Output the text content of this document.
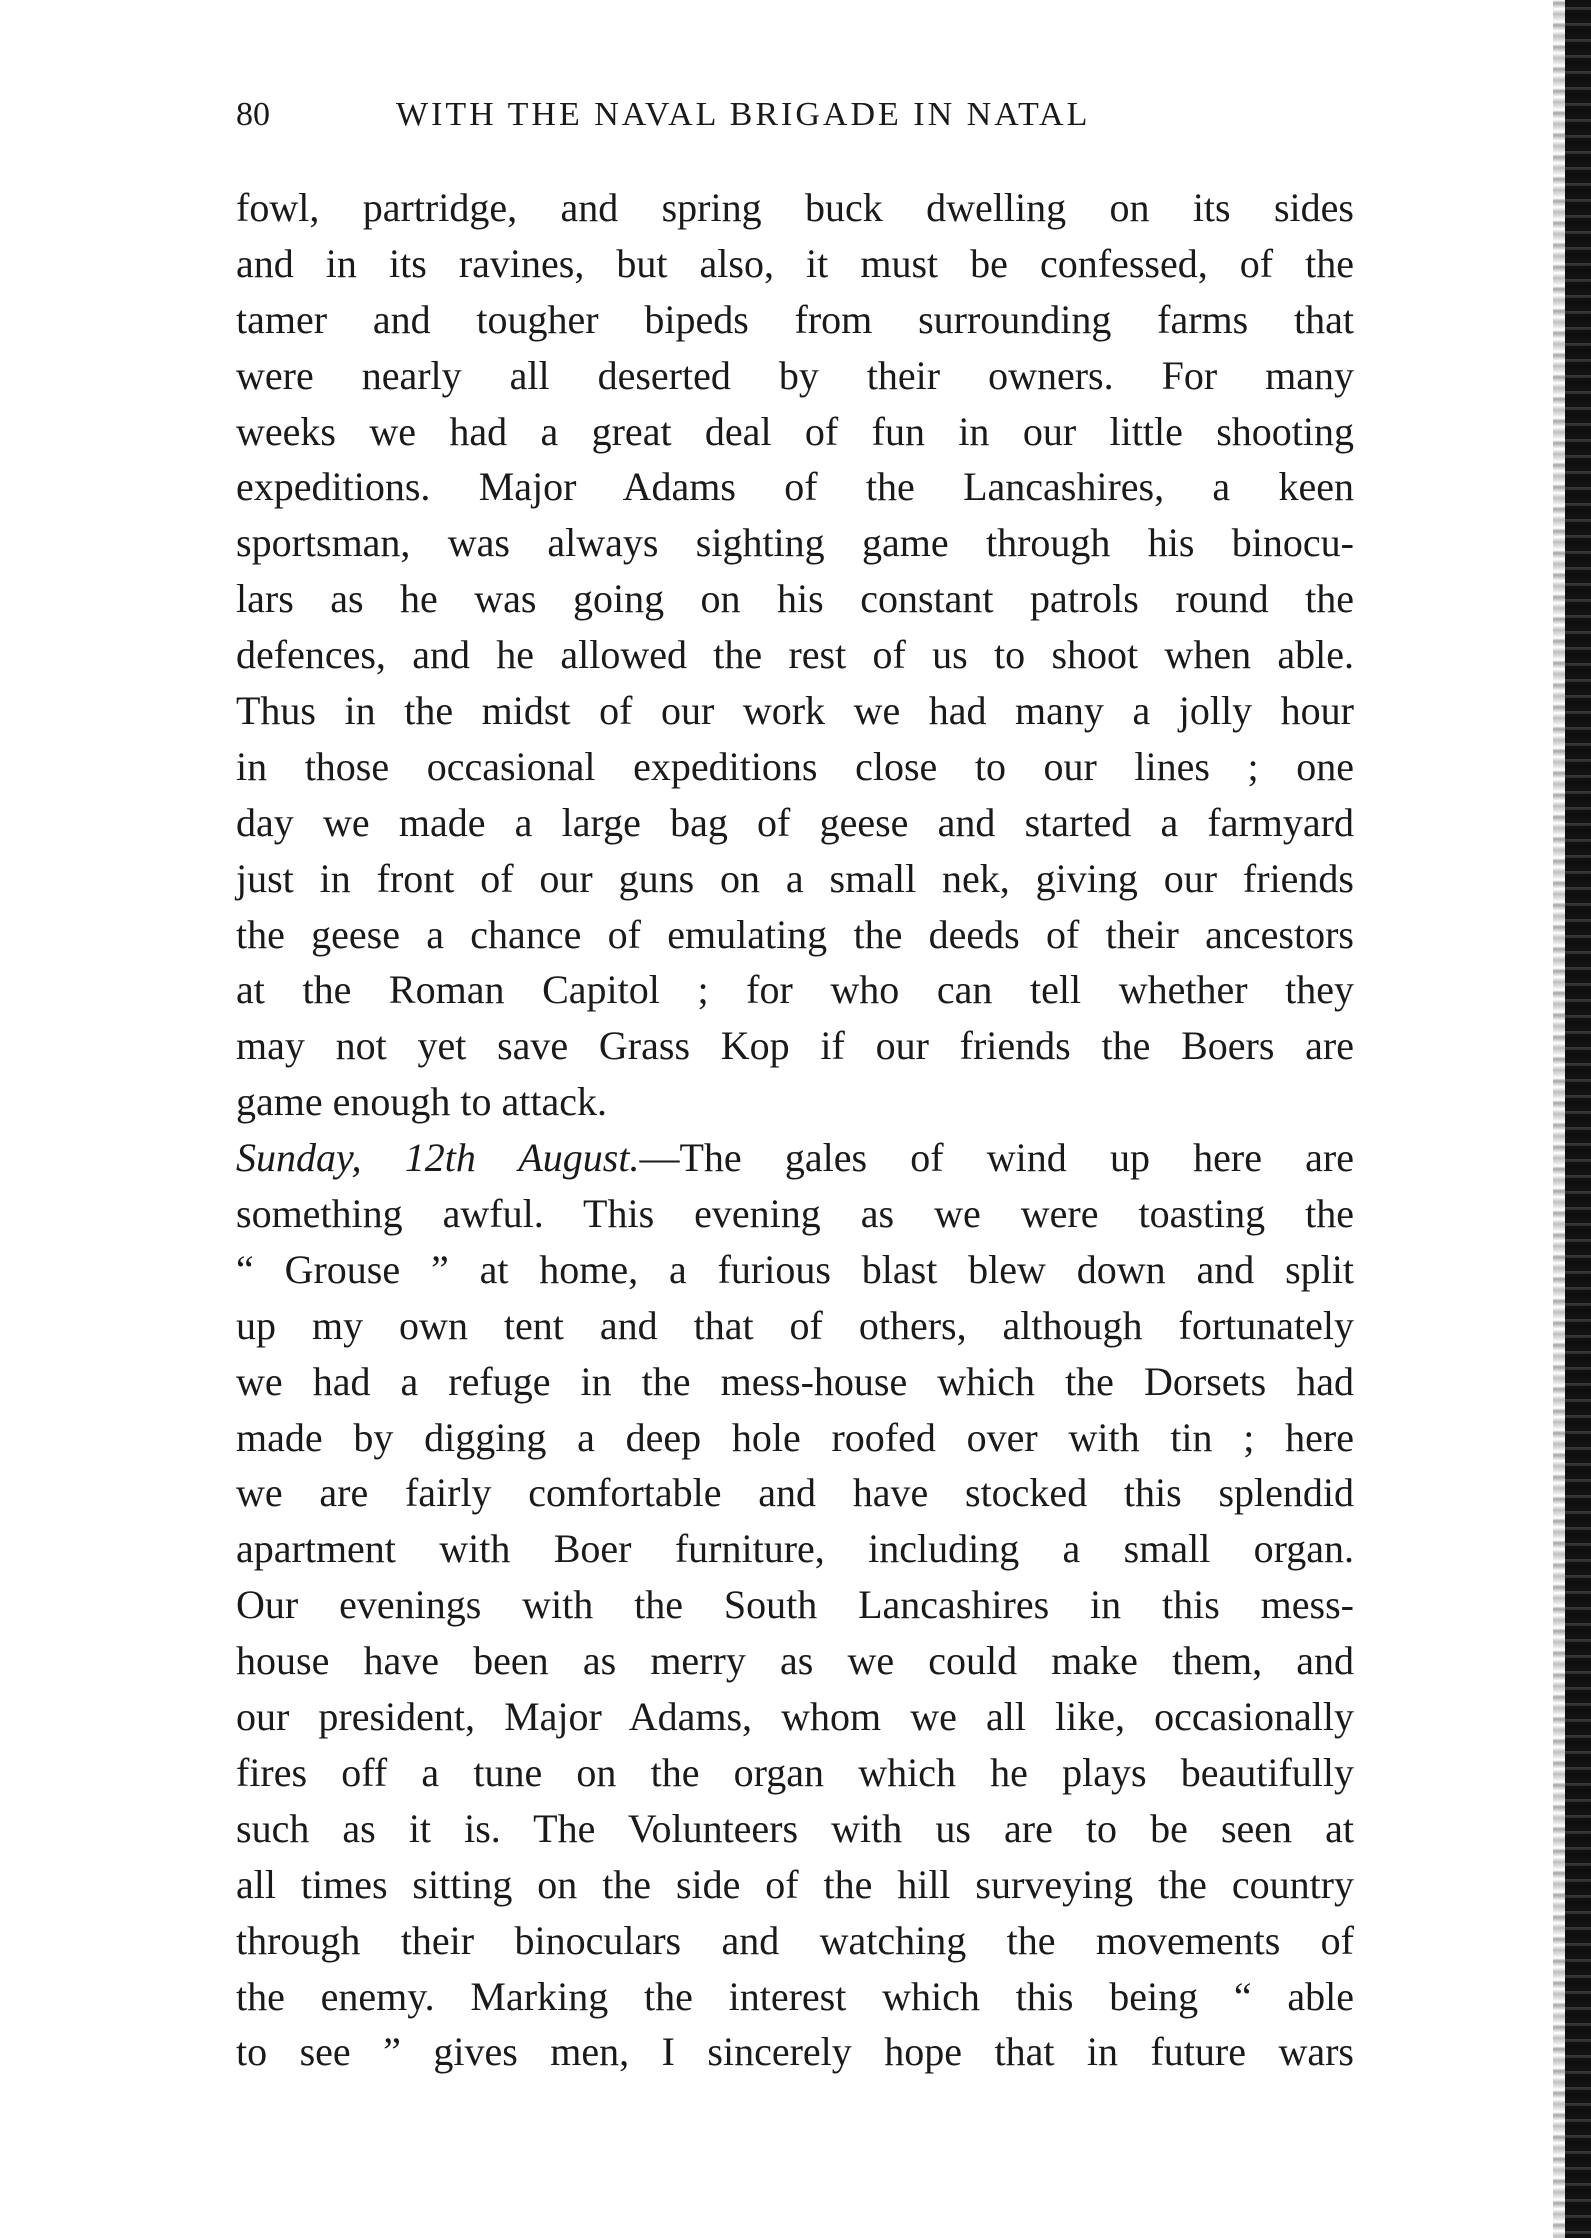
80	WITH THE NAVAL BRIGADE IN NATAL
fowl, partridge, and spring buck dwelling on its sides
and in its ravines, but also, it must be confessed, of the
tamer and tougher bipeds from surrounding farms that
were nearly all deserted by their owners. For many
weeks we had a great deal of fun in our little shooting
expeditions. Major Adams of the Lancashires, a keen
sportsman, was always sighting game through his binocu-
lars as he was going on his constant patrols round the
defences, and he allowed the rest of us to shoot when able.
Thus in the midst of our work we had many a jolly hour
in those occasional expeditions close to our lines ; one
day we made a large bag of geese and started a farmyard
just in front of our guns on a small nek, giving our friends
the geese a chance of emulating the deeds of their ancestors
at the Roman Capitol ; for who can tell whether they
may not yet save Grass Kop if our friends the Boers are
game enough to attack.
Sunday, 12th August.—The gales of wind up here are
something awful. This evening as we were toasting the
“ Grouse ” at home, a furious blast blew down and split
up my own tent and that of others, although fortunately
we had a refuge in the mess-house which the Dorsets had
made by digging a deep hole roofed over with tin ; here
we are fairly comfortable and have stocked this splendid
apartment with Boer furniture, including a small organ.
Our evenings with the South Lancashires in this mess-
house have been as merry as we could make them, and
our president, Major Adams, whom we all like, occasionally
fires off a tune on the organ which he plays beautifully
such as it is. The Volunteers with us are to be seen at
all times sitting on the side of the hill surveying the country
through their binoculars and watching the movements of
the enemy. Marking the interest which this being “ able
to see ” gives men, I sincerely hope that in future wars
